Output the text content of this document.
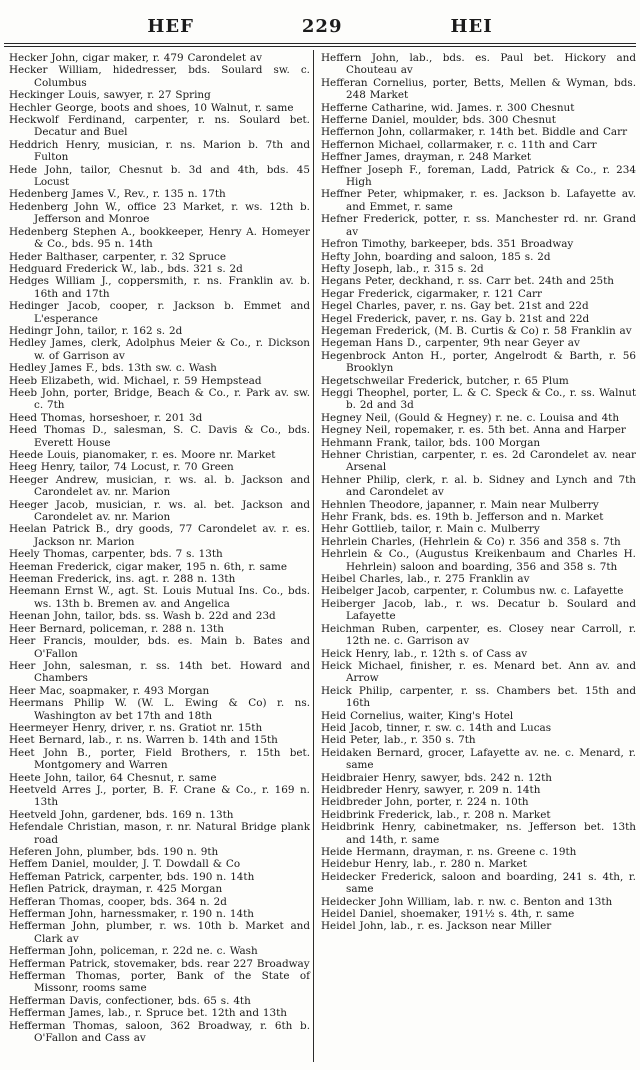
HEF	229	HEI
Hecker John, cigar maker, r. 479 Carondelet av
Hecker William, hidedresser, bds. Soulard sw. c. Columbus
Heckinger Louis, sawyer, r. 27 Spring
Hechler George, boots and shoes, 10 Walnut, r. same
Heckwolf Ferdinand, carpenter, r. ns. Soulard bet. Decatur and Buel
Heddrich Henry, musician, r. ns. Marion b. 7th and Fulton
Hede John, tailor, Chesnut b. 3d and 4th, bds. 45 Locust
Hedenberg James V., Rev., r. 135 n. 17th
Hedenberg John W., office 23 Market, r. ws. 12th b. Jefferson and Monroe
Hedenberg Stephen A., bookkeeper, Henry A. Homeyer & Co., bds. 95 n. 14th
Heder Balthaser, carpenter, r. 32 Spruce
Hedguard Frederick W., lab., bds. 321 s. 2d
Hedges William J., coppersmith, r. ns. Franklin av. b. 16th and 17th
Hedinger Jacob, cooper, r. Jackson b. Emmet and L'esperance
Hedingr John, tailor, r. 162 s. 2d
Hedley James, clerk, Adolphus Meier & Co., r. Dickson w. of Garrison av
Hedley James F., bds. 13th sw. c. Wash
Heeb Elizabeth, wid. Michael, r. 59 Hempstead
Heeb John, porter, Bridge, Beach & Co., r. Park av. sw. c. 7th
Heed Thomas, horseshoer, r. 201 3d
Heed Thomas D., salesman, S. C. Davis & Co., bds. Everett House
Heede Louis, pianomaker, r. es. Moore nr. Market
Heeg Henry, tailor, 74 Locust, r. 70 Green
Heeger Andrew, musician, r. ws. al. b. Jackson and Carondelet av. nr. Marion
Heeger Jacob, musician, r. ws. al. bet. Jackson and Carondelet av. nr. Marion
Heelan Patrick B., dry goods, 77 Carondelet av. r. es. Jackson nr. Marion
Heely Thomas, carpenter, bds. 7 s. 13th
Heeman Frederick, cigar maker, 195 n. 6th, r. same
Heeman Frederick, ins. agt. r. 288 n. 13th
Heemann Ernst W., agt. St. Louis Mutual Ins. Co., bds. ws. 13th b. Bremen av. and Angelica
Heenan John, tailor, bds. ss. Wash b. 22d and 23d
Heer Bernard, policeman, r. 288 n. 13th
Heer Francis, moulder, bds. es. Main b. Bates and O'Fallon
Heer John, salesman, r. ss. 14th bet. Howard and Chambers
Heer Mac, soapmaker, r. 493 Morgan
Heermans Philip W. (W. L. Ewing & Co) r. ns. Washington av bet 17th and 18th
Heermeyer Henry, driver, r. ns. Gratiot nr. 15th
Heet Bernard, lab., r. ns. Warren b. 14th and 15th
Heet John B., porter, Field Brothers, r. 15th bet. Montgomery and Warren
Heete John, tailor, 64 Chesnut, r. same
Heetveld Arres J., porter, B. F. Crane & Co., r. 169 n. 13th
Heetveld John, gardener, bds. 169 n. 13th
Hefendale Christian, mason, r. nr. Natural Bridge plank road
Heferen John, plumber, bds. 190 n. 9th
Heffem Daniel, moulder, J. T. Dowdall & Co
Heffeman Patrick, carpenter, bds. 190 n. 14th
Heflen Patrick, drayman, r. 425 Morgan
Hefferan Thomas, cooper, bds. 364 n. 2d
Hefferman John, harnessmaker, r. 190 n. 14th
Hefferman John, plumber, r. ws. 10th b. Market and Clark av
Hefferman John, policeman, r. 22d ne. c. Wash
Hefferman Patrick, stovemaker, bds. rear 227 Broadway
Hefferman Thomas, porter, Bank of the State of Missonr, rooms same
Hefferman Davis, confectioner, bds. 65 s. 4th
Hefferman James, lab., r. Spruce bet. 12th and 13th
Hefferman Thomas, saloon, 362 Broadway, r. 6th b. O'Fallon and Cass av
Heffern John, lab., bds. es. Paul bet. Hickory and Chouteau av
Hefferan Cornelius, porter, Betts, Mellen & Wyman, bds. 248 Market
Hefferne Catharine, wid. James. r. 300 Chesnut
Hefferne Daniel, moulder, bds. 300 Chesnut
Heffernon John, collarmaker, r. 14th bet. Biddle and Carr
Heffernon Michael, collarmaker, r. c. 11th and Carr
Heffner James, drayman, r. 248 Market
Heffner Joseph F., foreman, Ladd, Patrick & Co., r. 234 High
Heffner Peter, whipmaker, r. es. Jackson b. Lafayette av. and Emmet, r. same
Hefner Frederick, potter, r. ss. Manchester rd. nr. Grand av
Hefron Timothy, barkeeper, bds. 351 Broadway
Hefty John, boarding and saloon, 185 s. 2d
Hefty Joseph, lab., r. 315 s. 2d
Hegans Peter, deckhand, r. ss. Carr bet. 24th and 25th
Hegar Frederick, cigarmaker, r. 121 Carr
Hegel Charles, paver, r. ns. Gay bet. 21st and 22d
Hegel Frederick, paver, r. ns. Gay b. 21st and 22d
Hegeman Frederick, (M. B. Curtis & Co) r. 58 Franklin av
Hegeman Hans D., carpenter, 9th near Geyer av
Hegenbrock Anton H., porter, Angelrodt & Barth, r. 56 Brooklyn
Hegetschweilar Frederick, butcher, r. 65 Plum
Heggi Theophel, porter, L. & C. Speck & Co., r. ss. Walnut b. 2d and 3d
Hegney Neil, (Gould & Hegney) r. ne. c. Louisa and 4th
Hegney Neil, ropemaker, r. es. 5th bet. Anna and Harper
Hehmann Frank, tailor, bds. 100 Morgan
Hehner Christian, carpenter, r. es. 2d Carondelet av. near Arsenal
Hehner Philip, clerk, r. al. b. Sidney and Lynch and 7th and Carondelet av
Hehnlen Theodore, japanner, r. Main near Mulberry
Hehr Frank, bds. es. 19th b. Jefferson and n. Market
Hehr Gottlieb, tailor, r. Main c. Mulberry
Hehrlein Charles, (Hehrlein & Co) r. 356 and 358 s. 7th
Hehrlein & Co., (Augustus Kreikenbaum and Charles H. Hehrlein) saloon and boarding, 356 and 358 s. 7th
Heibel Charles, lab., r. 275 Franklin av
Heibelger Jacob, carpenter, r. Columbus nw. c. Lafayette
Heiberger Jacob, lab., r. ws. Decatur b. Soulard and Lafayette
Heichman Ruben, carpenter, es. Closey near Carroll, r. 12th ne. c. Garrison av
Heick Henry, lab., r. 12th s. of Cass av
Heick Michael, finisher, r. es. Menard bet. Ann av. and Arrow
Heick Philip, carpenter, r. ss. Chambers bet. 15th and 16th
Heid Cornelius, waiter, King's Hotel
Heid Jacob, tinner, r. sw. c. 14th and Lucas
Heid Peter, lab., r. 350 s. 7th
Heidaken Bernard, grocer, Lafayette av. ne. c. Menard, r. same
Heidbraier Henry, sawyer, bds. 242 n. 12th
Heidbreder Henry, sawyer, r. 209 n. 14th
Heidbreder John, porter, r. 224 n. 10th
Heidbrink Frederick, lab., r. 208 n. Market
Heidbrink Henry, cabinetmaker, ns. Jefferson bet. 13th and 14th, r. same
Heide Hermann, drayman, r. ns. Greene c. 19th
Heidebur Henry, lab., r. 280 n. Market
Heidecker Frederick, saloon and boarding, 241 s. 4th, r. same
Heidecker John William, lab. r. nw. c. Benton and 13th
Heidel Daniel, shoemaker, 191½ s. 4th, r. same
Heidel John, lab., r. es. Jackson near Miller
